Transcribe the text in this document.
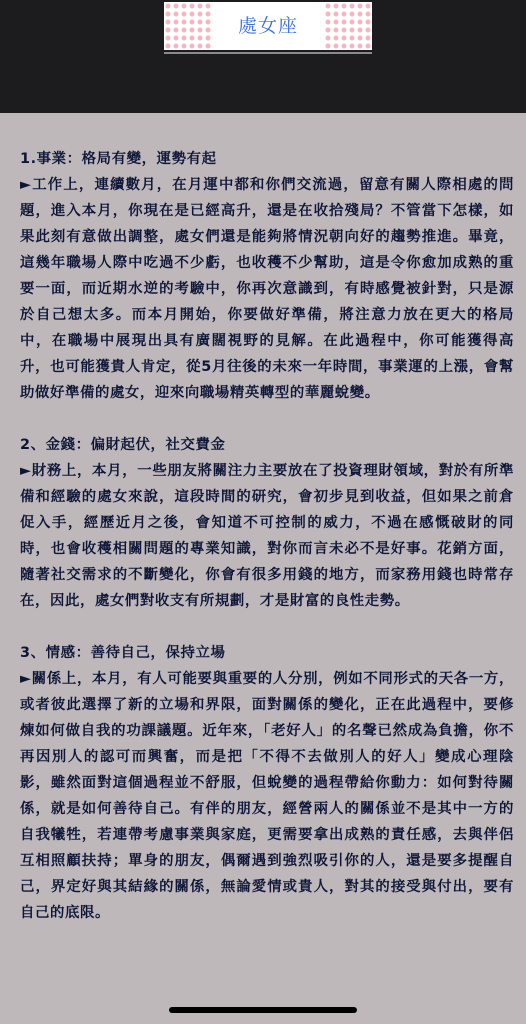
處女座
1.事業：格局有變，運勢有起

►工作上，連續數月，在月運中都和你們交流過，留意有關人際相處的問題，進入本月，你現在是已經高升，還是在收拾殘局？不管當下怎樣，如果此刻有意做出調整，處女們還是能夠將情況朝向好的趨勢推進。畢竟，這幾年職場人際中吃過不少虧，也收穫不少幫助，這是令你愈加成熟的重要一面，而近期水逆的考驗中，你再次意識到，有時感覺被針對，只是源於自己想太多。而本月開始，你要做好準備，將注意力放在更大的格局中，在職場中展現出具有廣闊視野的見解。在此過程中，你可能獲得高升，也可能獲貴人肯定，從5月往後的未來一年時間，事業運的上漲，會幫助做好準備的處女，迎來向職場精英轉型的華麗蛻變。

2、金錢：偏財起伏，社交費金

►財務上，本月，一些朋友將關注力主要放在了投資理財領域，對於有所準備和經驗的處女來說，這段時間的研究，會初步見到收益，但如果之前倉促入手，經歷近月之後，會知道不可控制的威力，不過在感慨破財的同時，也會收穫相關問題的專業知識，對你而言未必不是好事。花銷方面，隨著社交需求的不斷變化，你會有很多用錢的地方，而家務用錢也時常存在，因此，處女們對收支有所規劃，才是財富的良性走勢。

3、情感：善待自己，保持立場

►關係上，本月，有人可能要與重要的人分別，例如不同形式的天各一方，或者彼此選擇了新的立場和界限，面對關係的變化，正在此過程中，要修煉如何做自我的功課議題。近年來，「老好人」的名聲已然成為負擔，你不再因別人的認可而興奮，而是把「不得不去做別人的好人」變成心理陰影，雖然面對這個過程並不舒服，但蛻變的過程帶給你動力：如何對待關係，就是如何善待自己。有伴的朋友，經營兩人的關係並不是其中一方的自我犧牲，若連帶考慮事業與家庭，更需要拿出成熟的責任感，去與伴侶互相照顧扶持；單身的朋友，偶爾遇到強烈吸引你的人，還是要多提醒自己，界定好與其結緣的關係，無論愛情或貴人，對其的接受與付出，要有自己的底限。
